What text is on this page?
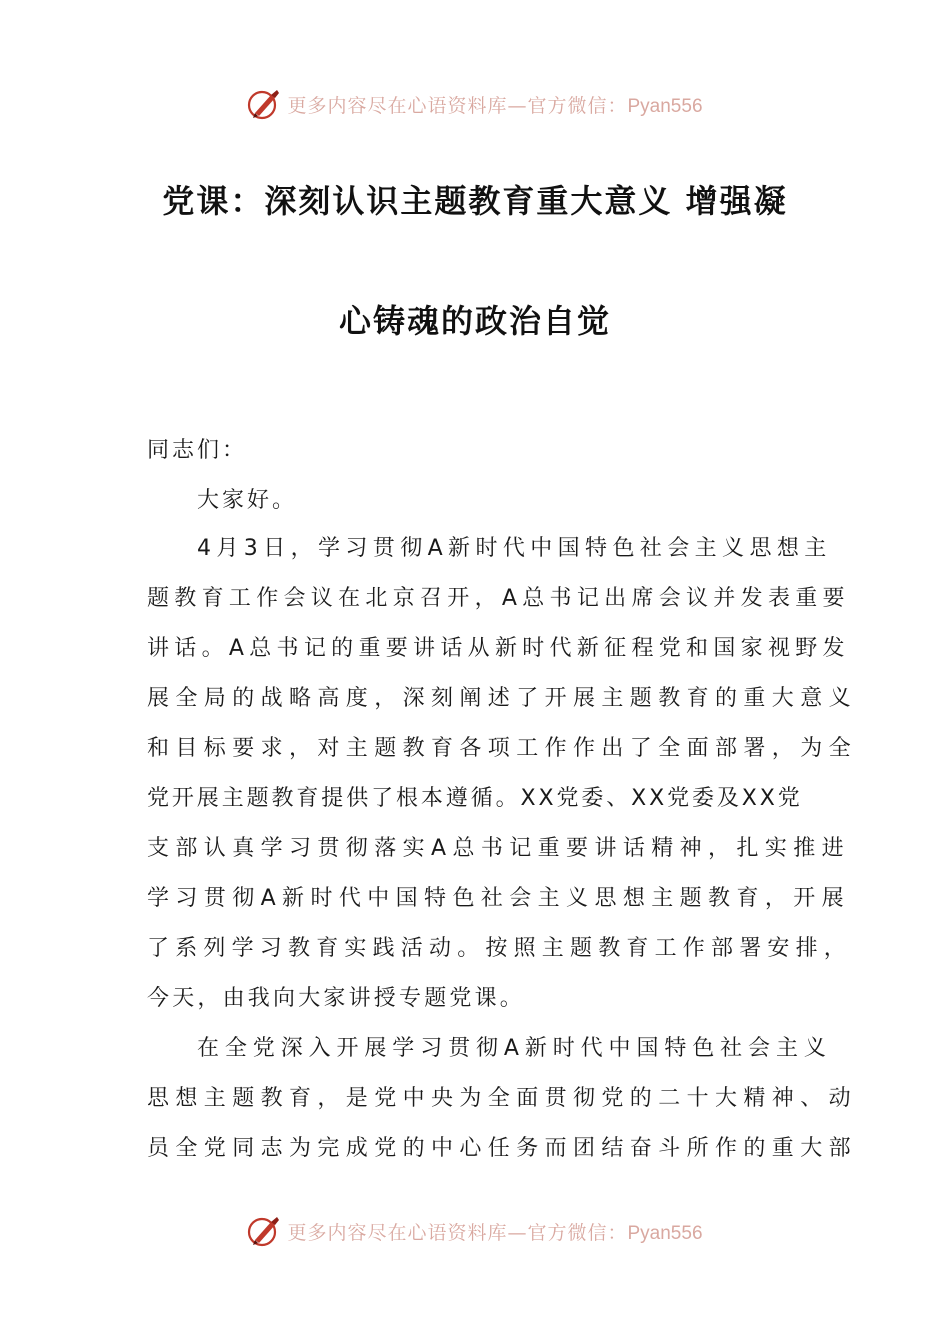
更多内容尽在心语资料库—官方微信：Pyan556
党课：深刻认识主题教育重大意义 增强凝
心铸魂的政治自觉
同志们：
大家好。
4月3日，学习贯彻A新时代中国特色社会主义思想主
题教育工作会议在北京召开，A总书记出席会议并发表重要
讲话。A总书记的重要讲话从新时代新征程党和国家视野发
展全局的战略高度，深刻阐述了开展主题教育的重大意义
和目标要求，对主题教育各项工作作出了全面部署，为全
党开展主题教育提供了根本遵循。XX党委、XX党委及XX党
支部认真学习贯彻落实A总书记重要讲话精神，扎实推进
学习贯彻A新时代中国特色社会主义思想主题教育，开展
了系列学习教育实践活动。按照主题教育工作部署安排，
今天，由我向大家讲授专题党课。
在全党深入开展学习贯彻A新时代中国特色社会主义
思想主题教育，是党中央为全面贯彻党的二十大精神、动
员全党同志为完成党的中心任务而团结奋斗所作的重大部
更多内容尽在心语资料库—官方微信：Pyan556
